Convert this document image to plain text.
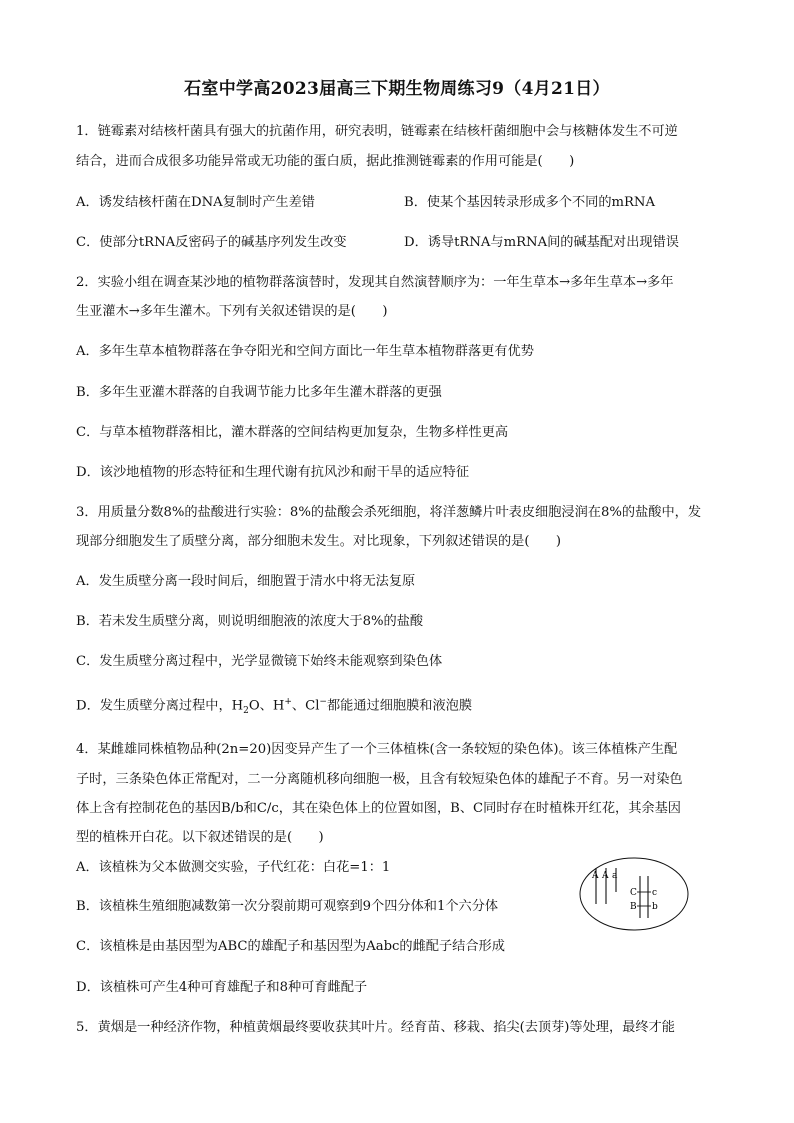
石室中学高2023届高三下期生物周练习9（4月21日）
1．链霉素对结核杆菌具有强大的抗菌作用，研究表明，链霉素在结核杆菌细胞中会与核糖体发生不可逆
结合，进而合成很多功能异常或无功能的蛋白质，据此推测链霉素的作用可能是(　　)
A．诱发结核杆菌在DNA复制时产生差错	B．使某个基因转录形成多个不同的mRNA
C．使部分tRNA反密码子的碱基序列发生改变	D．诱导tRNA与mRNA间的碱基配对出现错误
2．实验小组在调查某沙地的植物群落演替时，发现其自然演替顺序为：一年生草本→多年生草本→多年
生亚灌木→多年生灌木。下列有关叙述错误的是(　　)
A．多年生草本植物群落在争夺阳光和空间方面比一年生草本植物群落更有优势
B．多年生亚灌木群落的自我调节能力比多年生灌木群落的更强
C．与草本植物群落相比，灌木群落的空间结构更加复杂，生物多样性更高
D．该沙地植物的形态特征和生理代谢有抗风沙和耐干旱的适应特征
3．用质量分数8%的盐酸进行实验：8%的盐酸会杀死细胞，将洋葱鳞片叶表皮细胞浸润在8%的盐酸中，发
现部分细胞发生了质壁分离，部分细胞未发生。对比现象，下列叙述错误的是(　　)
A．发生质壁分离一段时间后，细胞置于清水中将无法复原
B．若未发生质壁分离，则说明细胞液的浓度大于8%的盐酸
C．发生质壁分离过程中，光学显微镜下始终未能观察到染色体
D．发生质壁分离过程中，$H_2O$、H+、Cl−都能通过细胞膜和液泡膜
4．某雌雄同株植物品种(2n=20)因变异产生了一个三体植株(含一条较短的染色体)。该三体植株产生配
子时，三条染色体正常配对，二一分离随机移向细胞一极，且含有较短染色体的雄配子不育。另一对染色
体上含有控制花色的基因B/b和C/c，其在染色体上的位置如图，B、C同时存在时植株开红花，其余基因
型的植株开白花。以下叙述错误的是(　　)
A．该植株为父本做测交实验，子代红花：白花=1：1
B．该植株生殖细胞减数第一次分裂前期可观察到9个四分体和1个六分体
C．该植株是由基因型为ABC的雄配子和基因型为Aabc的雌配子结合形成
D．该植株可产生4种可育雄配子和8种可育雌配子
A A a
C c
B b
5．黄烟是一种经济作物，种植黄烟最终要收获其叶片。经育苗、移栽、掐尖(去顶芽)等处理，最终才能
